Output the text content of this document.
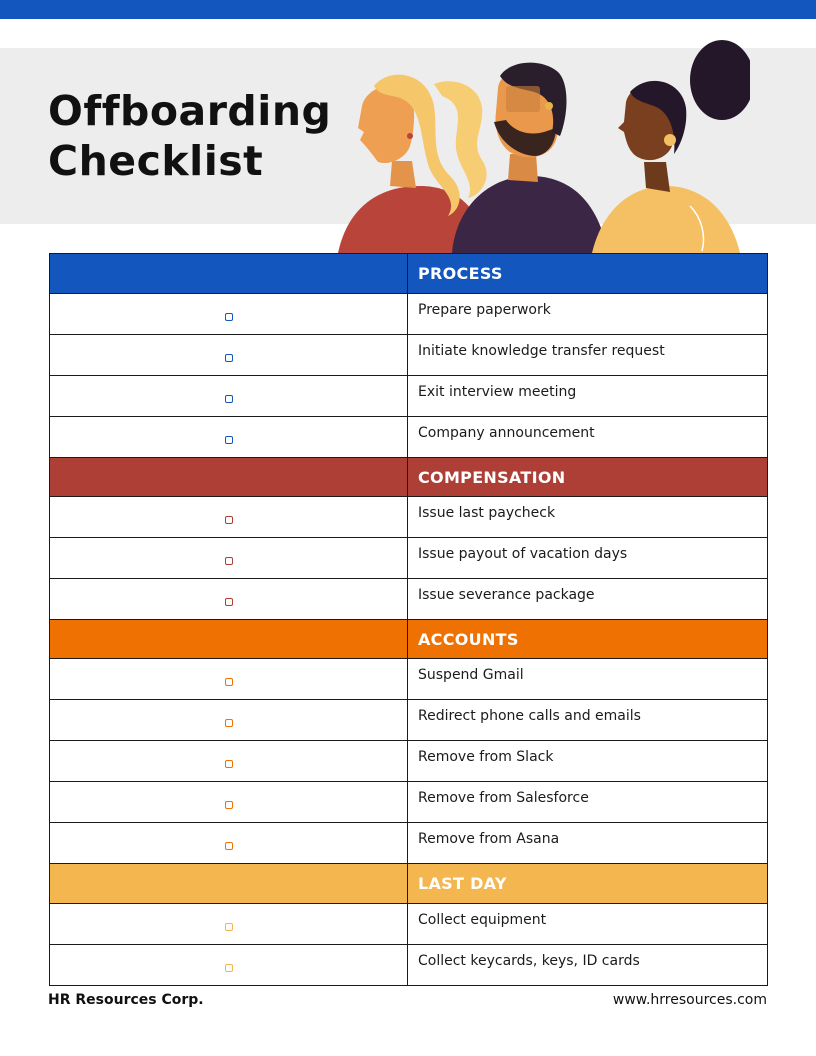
Offboarding
Checklist
	PROCESS
	Prepare paperwork
	Initiate knowledge transfer request
	Exit interview meeting
	Company announcement
	COMPENSATION
	Issue last paycheck
	Issue payout of vacation days
	Issue severance package
	ACCOUNTS
	Suspend Gmail
	Redirect phone calls and emails
	Remove from Slack
	Remove from Salesforce
	Remove from Asana
	LAST DAY
	Collect equipment
	Collect keycards, keys, ID cards
HR Resources Corp.	www.hrresources.com
